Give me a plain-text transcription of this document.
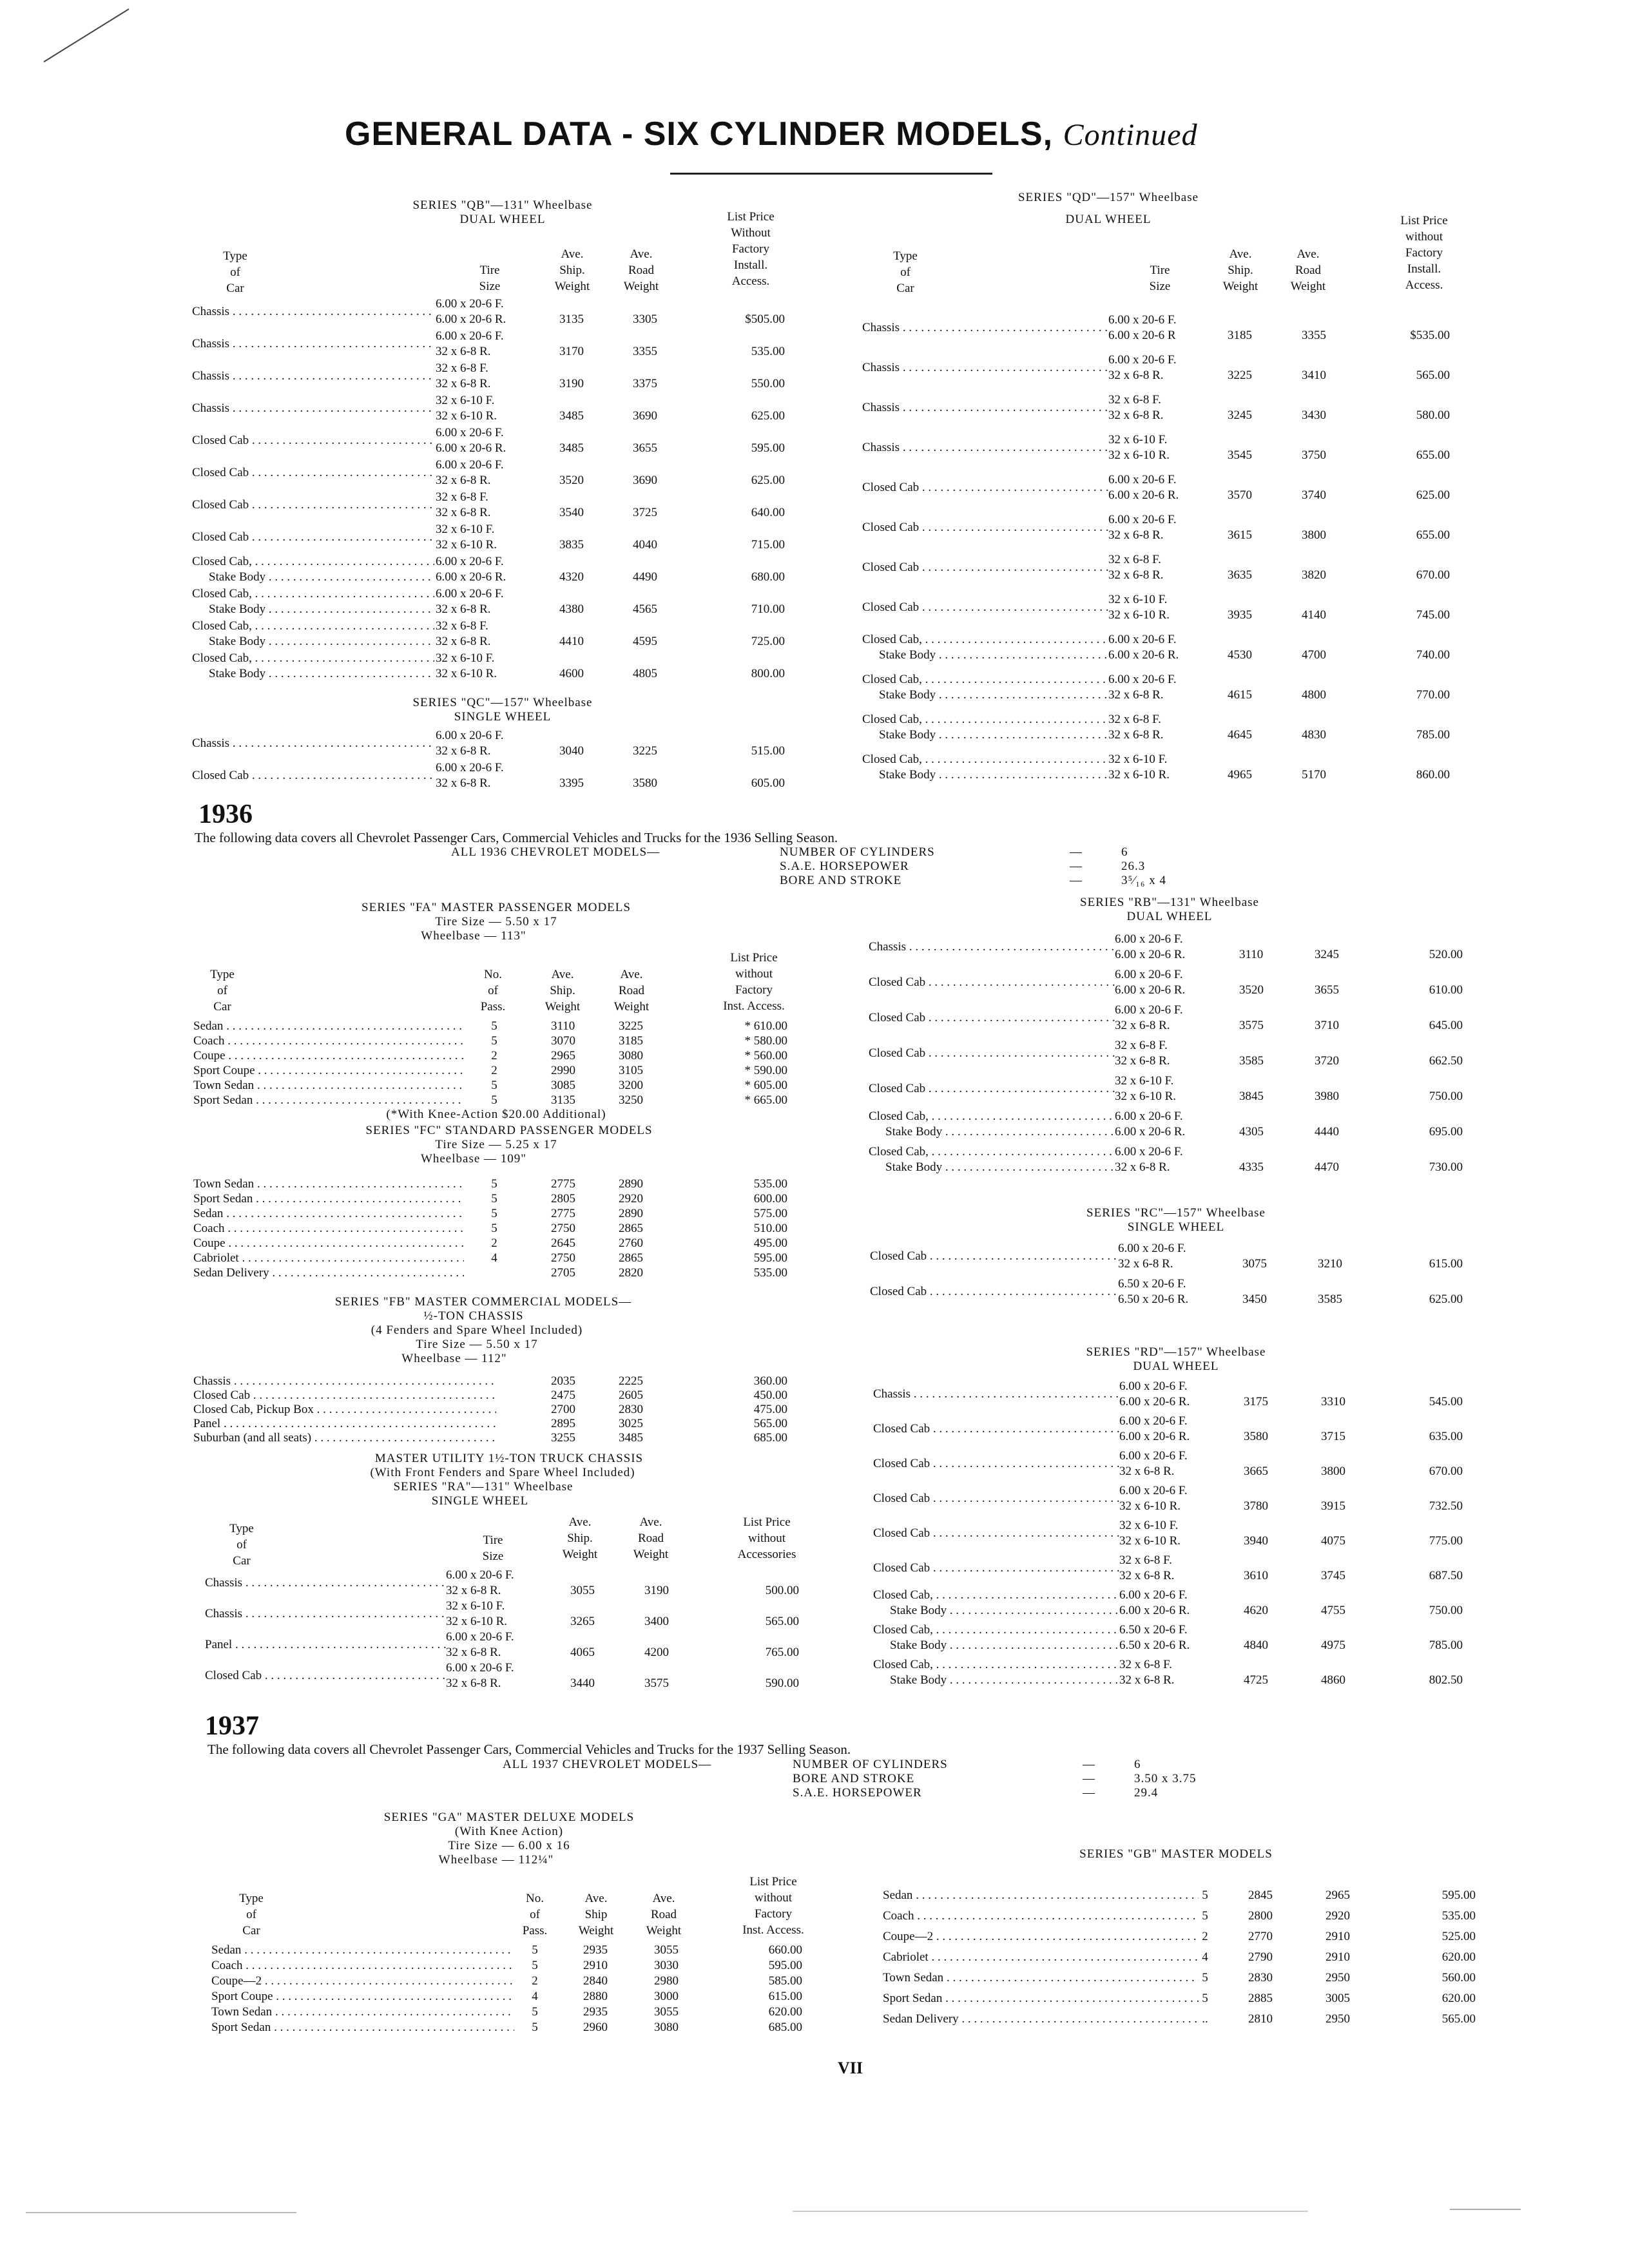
GENERAL DATA - SIX CYLINDER MODELS, Continued
SERIES "QB"—131" Wheelbase
DUAL WHEEL
Type
of
Car
Tire
Size
Ave.
Ship.
Weight
Ave.
Road
Weight
List Price
Without
Factory
Install.
Access.
Chassis . . .
6.00 x 20-6 F.
6.00 x 20-6 R.	3135	3305	$505.00
Chassis . . .
6.00 x 20-6 F.
32 x 6-8 R.	3170	3355	535.00
Chassis . . .
32 x 6-8 F.
32 x 6-8 R.	3190	3375	550.00
Chassis . . .
32 x 6-10 F.
32 x 6-10 R.	3485	3690	625.00
Closed Cab . . .
6.00 x 20-6 F.
6.00 x 20-6 R.	3485	3655	595.00
Closed Cab . . .
6.00 x 20-6 F.
32 x 6-8 R.	3520	3690	625.00
Closed Cab . . .
32 x 6-8 F.
32 x 6-8 R.	3540	3725	640.00
Closed Cab . . .
32 x 6-10 F.
32 x 6-10 R.	3835	4040	715.00
Closed Cab, . . .
Stake Body . . .
6.00 x 20-6 F.
6.00 x 20-6 R.	4320	4490	680.00
Closed Cab, . . .
Stake Body . . .
6.00 x 20-6 F.
32 x 6-8 R.	4380	4565	710.00
Closed Cab, . . .
Stake Body . . .
32 x 6-8 F.
32 x 6-8 R.	4410	4595	725.00
Closed Cab, . . .
Stake Body . . .
32 x 6-10 F.
32 x 6-10 R.	4600	4805	800.00
SERIES "QC"—157" Wheelbase
SINGLE WHEEL
Chassis . . .
6.00 x 20-6 F.
32 x 6-8 R.	3040	3225	515.00
Closed Cab . . .
6.00 x 20-6 F.
32 x 6-8 R.	3395	3580	605.00
SERIES "QD"—157" Wheelbase
DUAL WHEEL
Type
of
Car
Tire
Size
Ave.
Ship.
Weight
Ave.
Road
Weight
List Price
without
Factory
Install.
Access.
Chassis . . .
6.00 x 20-6 F.
6.00 x 20-6 R	3185	3355	$535.00
Chassis . . .
6.00 x 20-6 F.
32 x 6-8 R.	3225	3410	565.00
Chassis . . .
32 x 6-8 F.
32 x 6-8 R.	3245	3430	580.00
Chassis . . .
32 x 6-10 F.
32 x 6-10 R.	3545	3750	655.00
Closed Cab . . .
6.00 x 20-6 F.
6.00 x 20-6 R.	3570	3740	625.00
Closed Cab . . .
6.00 x 20-6 F.
32 x 6-8 R.	3615	3800	655.00
Closed Cab . . .
32 x 6-8 F.
32 x 6-8 R.	3635	3820	670.00
Closed Cab . . .
32 x 6-10 F.
32 x 6-10 R.	3935	4140	745.00
Closed Cab, . . .
Stake Body . . .
6.00 x 20-6 F.
6.00 x 20-6 R.	4530	4700	740.00
Closed Cab, . . .
Stake Body . . .
6.00 x 20-6 F.
32 x 6-8 R.	4615	4800	770.00
Closed Cab, . . .
Stake Body . . .
32 x 6-8 F.
32 x 6-8 R.	4645	4830	785.00
Closed Cab, . . .
Stake Body . . .
32 x 6-10 F.
32 x 6-10 R.	4965	5170	860.00
SERIES "FA" MASTER PASSENGER MODELS
Tire Size — 5.50 x 17
Wheelbase — 113"
Type
of
Car
No.
of
Pass.
Ave.
Ship.
Weight
Ave.
Road
Weight
List Price
without
Factory
Inst. Access.
Sedan . . .	5	3110	3225	* 610.00
Coach . . .	5	3070	3185	* 580.00
Coupe . . .	2	2965	3080	* 560.00
Sport Coupe . . .	2	2990	3105	* 590.00
Town Sedan . . .	5	3085	3200	* 605.00
Sport Sedan . . .	5	3135	3250	* 665.00
(*With Knee-Action $20.00 Additional)
SERIES "FC" STANDARD PASSENGER MODELS
Tire Size — 5.25 x 17
Wheelbase — 109"
Town Sedan . . .	5	2775	2890	535.00
Sport Sedan . . .	5	2805	2920	600.00
Sedan . . .	5	2775	2890	575.00
Coach . . .	5	2750	2865	510.00
Coupe . . .	2	2645	2760	495.00
Cabriolet . . .	4	2750	2865	595.00
Sedan Delivery . . .	2705	2820	535.00
SERIES "FB" MASTER COMMERCIAL MODELS—
½-TON CHASSIS
(4 Fenders and Spare Wheel Included)
Tire Size — 5.50 x 17
Wheelbase — 112"
Chassis . . .	2035	2225	360.00
Closed Cab . . .	2475	2605	450.00
Closed Cab, Pickup Box . . .	2700	2830	475.00
Panel . . .	2895	3025	565.00
Suburban (and all seats) . . .	3255	3485	685.00
MASTER UTILITY 1½-TON TRUCK CHASSIS
(With Front Fenders and Spare Wheel Included)
SERIES "RA"—131" Wheelbase
SINGLE WHEEL
Type
of
Car
Tire
Size
Ave.
Ship.
Weight
Ave.
Road
Weight
List Price
without
Accessories
Chassis . . .
6.00 x 20-6 F.
32 x 6-8 R.	3055	3190	500.00
Chassis . . .
32 x 6-10 F.
32 x 6-10 R.	3265	3400	565.00
Panel . . .
6.00 x 20-6 F.
32 x 6-8 R.	4065	4200	765.00
Closed Cab . . .
6.00 x 20-6 F.
32 x 6-8 R.	3440	3575	590.00
SERIES "RB"—131" Wheelbase
DUAL WHEEL
Chassis . . .
6.00 x 20-6 F.
6.00 x 20-6 R.	3110	3245	520.00
Closed Cab . . .
6.00 x 20-6 F.
6.00 x 20-6 R.	3520	3655	610.00
Closed Cab . . .
6.00 x 20-6 F.
32 x 6-8 R.	3575	3710	645.00
Closed Cab . . .
32 x 6-8 F.
32 x 6-8 R.	3585	3720	662.50
Closed Cab . . .
32 x 6-10 F.
32 x 6-10 R.	3845	3980	750.00
Closed Cab, . . .
Stake Body . . .
6.00 x 20-6 F.
6.00 x 20-6 R.	4305	4440	695.00
Closed Cab, . . .
Stake Body . . .
6.00 x 20-6 F.
32 x 6-8 R.	4335	4470	730.00
SERIES "RC"—157" Wheelbase
SINGLE WHEEL
Closed Cab . . .
6.00 x 20-6 F.
32 x 6-8 R.	3075	3210	615.00
Closed Cab . . .
6.50 x 20-6 F.
6.50 x 20-6 R.	3450	3585	625.00
SERIES "RD"—157" Wheelbase
DUAL WHEEL
Chassis . . .
6.00 x 20-6 F.
6.00 x 20-6 R.	3175	3310	545.00
Closed Cab . . .
6.00 x 20-6 F.
6.00 x 20-6 R.	3580	3715	635.00
Closed Cab . . .
6.00 x 20-6 F.
32 x 6-8 R.	3665	3800	670.00
Closed Cab . . .
6.00 x 20-6 F.
32 x 6-10 R.	3780	3915	732.50
Closed Cab . . .
32 x 6-10 F.
32 x 6-10 R.	3940	4075	775.00
Closed Cab . . .
32 x 6-8 F.
32 x 6-8 R.	3610	3745	687.50
Closed Cab, . . .
Stake Body . . .
6.00 x 20-6 F.
6.00 x 20-6 R.	4620	4755	750.00
Closed Cab, . . .
Stake Body . . .
6.50 x 20-6 F.
6.50 x 20-6 R.	4840	4975	785.00
Closed Cab, . . .
Stake Body . . .
32 x 6-8 F.
32 x 6-8 R.	4725	4860	802.50
SERIES "GA" MASTER DELUXE MODELS
(With Knee Action)
Tire Size — 6.00 x 16
Wheelbase — 112¼"
Type
of
Car
No.
of
Pass.
Ave.
Ship
Weight
Ave.
Road
Weight
List Price
without
Factory
Inst. Access.
Sedan . . .	5	2935	3055	660.00
Coach . . .	5	2910	3030	595.00
Coupe—2 . . .	2	2840	2980	585.00
Sport Coupe . . .	4	2880	3000	615.00
Town Sedan . . .	5	2935	3055	620.00
Sport Sedan . . .	5	2960	3080	685.00
SERIES "GB" MASTER MODELS
Sedan . . .	5	2845	2965	595.00
Coach . . .	5	2800	2920	535.00
Coupe—2 . . .	2	2770	2910	525.00
Cabriolet . . .	4	2790	2910	620.00
Town Sedan . . .	5	2830	2950	560.00
Sport Sedan . . .	5	2885	3005	620.00
Sedan Delivery . . .	..	2810	2950	565.00
1936
The following data covers all Chevrolet Passenger Cars, Commercial Vehicles and Trucks for the 1936 Selling Season.
ALL 1936 CHEVROLET MODELS—	NUMBER OF CYLINDERS	—	6
S.A.E. HORSEPOWER	—	26.3
BORE AND STROKE	—	3⁵⁄₁₆ x 4
1937
The following data covers all Chevrolet Passenger Cars, Commercial Vehicles and Trucks for the 1937 Selling Season.
ALL 1937 CHEVROLET MODELS—	NUMBER OF CYLINDERS	—	6
BORE AND STROKE	—	3.50 x 3.75
S.A.E. HORSEPOWER	—	29.4
VII
